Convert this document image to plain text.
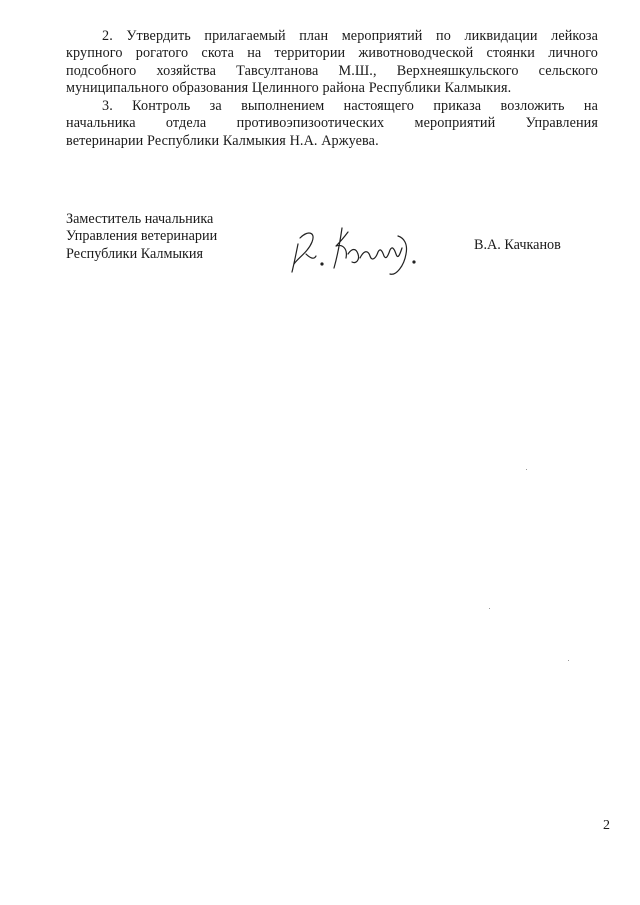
2. Утвердить прилагаемый план мероприятий по ликвидации лейкоза
крупного рогатого скота на территории животноводческой стоянки личного
подсобного хозяйства Тавсултанова М.Ш., Верхнеяшкульского сельского
муниципального образования Целинного района Республики Калмыкия.
3. Контроль за выполнением настоящего приказа возложить на
начальника отдела противоэпизоотических мероприятий Управления
ветеринарии Республики Калмыкия Н.А. Аржуева.
Заместитель начальника
Управления ветеринарии
Республики Калмыкия
В.А. Качканов
2
